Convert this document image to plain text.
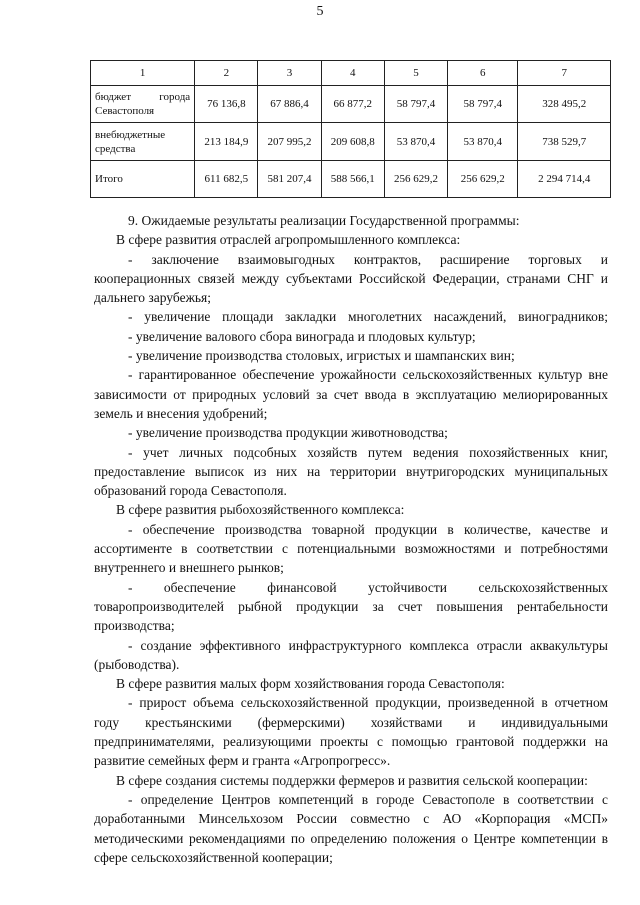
5
1	2	3	4	5	6	7
бюджет города Севастополя	76 136,8	67 886,4	66 877,2	58 797,4	58 797,4	328 495,2
внебюджетные средства	213 184,9	207 995,2	209 608,8	53 870,4	53 870,4	738 529,7
Итого	611 682,5	581 207,4	588 566,1	256 629,2	256 629,2	2 294 714,4

9. Ожидаемые результаты реализации Государственной программы:

В сфере развития отраслей агропромышленного комплекса:

- заключение взаимовыгодных контрактов, расширение торговых и кооперационных связей между субъектами Российской Федерации, странами СНГ и дальнего зарубежья;

- увеличение площади закладки многолетних насаждений, виноградников;

- увеличение валового сбора винограда и плодовых культур;

- увеличение производства столовых, игристых и шампанских вин;

- гарантированное обеспечение урожайности сельскохозяйственных культур вне зависимости от природных условий за счет ввода в эксплуатацию мелиорированных земель и внесения удобрений;

- увеличение производства продукции животноводства;

- учет личных подсобных хозяйств путем ведения похозяйственных книг, предоставление выписок из них на территории внутригородских муниципальных образований города Севастополя.

В сфере развития рыбохозяйственного комплекса:

- обеспечение производства товарной продукции в количестве, качестве и ассортименте в соответствии с потенциальными возможностями и потребностями внутреннего и внешнего рынков;

- обеспечение финансовой устойчивости сельскохозяйственных товаропроизводителей рыбной продукции за счет повышения рентабельности производства;

- создание эффективного инфраструктурного комплекса отрасли аквакультуры (рыбоводства).

В сфере развития малых форм хозяйствования города Севастополя:

- прирост объема сельскохозяйственной продукции, произведенной в отчетном году крестьянскими (фермерскими) хозяйствами и индивидуальными предпринимателями, реализующими проекты с помощью грантовой поддержки на развитие семейных ферм и гранта «Агропрогресс».

В сфере создания системы поддержки фермеров и развития сельской кооперации:

- определение Центров компетенций в городе Севастополе в соответствии с доработанными Минсельхозом России совместно с АО «Корпорация «МСП» методическими рекомендациями по определению положения о Центре компетенции в сфере сельскохозяйственной кооперации;
